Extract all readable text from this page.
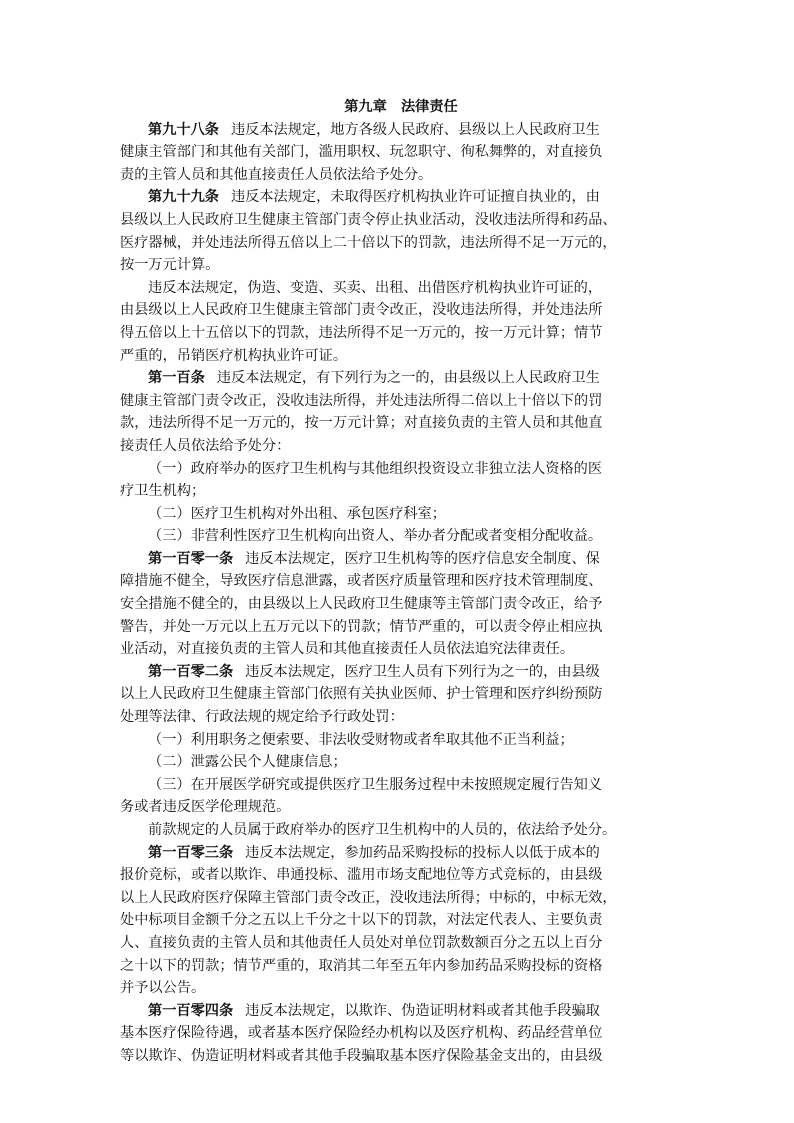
第九章　法律责任
第九十八条 违反本法规定，地方各级人民政府、县级以上人民政府卫生
健康主管部门和其他有关部门，滥用职权、玩忽职守、徇私舞弊的，对直接负
责的主管人员和其他直接责任人员依法给予处分。
第九十九条 违反本法规定，未取得医疗机构执业许可证擅自执业的，由
县级以上人民政府卫生健康主管部门责令停止执业活动，没收违法所得和药品、
医疗器械，并处违法所得五倍以上二十倍以下的罚款，违法所得不足一万元的，
按一万元计算。
违反本法规定，伪造、变造、买卖、出租、出借医疗机构执业许可证的，
由县级以上人民政府卫生健康主管部门责令改正，没收违法所得，并处违法所
得五倍以上十五倍以下的罚款，违法所得不足一万元的，按一万元计算；情节
严重的，吊销医疗机构执业许可证。
第一百条 违反本法规定，有下列行为之一的，由县级以上人民政府卫生
健康主管部门责令改正，没收违法所得，并处违法所得二倍以上十倍以下的罚
款，违法所得不足一万元的，按一万元计算；对直接负责的主管人员和其他直
接责任人员依法给予处分：
（一）政府举办的医疗卫生机构与其他组织投资设立非独立法人资格的医
疗卫生机构；
（二）医疗卫生机构对外出租、承包医疗科室；
（三）非营利性医疗卫生机构向出资人、举办者分配或者变相分配收益。
第一百零一条 违反本法规定，医疗卫生机构等的医疗信息安全制度、保
障措施不健全，导致医疗信息泄露，或者医疗质量管理和医疗技术管理制度、
安全措施不健全的，由县级以上人民政府卫生健康等主管部门责令改正，给予
警告，并处一万元以上五万元以下的罚款；情节严重的，可以责令停止相应执
业活动，对直接负责的主管人员和其他直接责任人员依法追究法律责任。
第一百零二条 违反本法规定，医疗卫生人员有下列行为之一的，由县级
以上人民政府卫生健康主管部门依照有关执业医师、护士管理和医疗纠纷预防
处理等法律、行政法规的规定给予行政处罚：
（一）利用职务之便索要、非法收受财物或者牟取其他不正当利益；
（二）泄露公民个人健康信息；
（三）在开展医学研究或提供医疗卫生服务过程中未按照规定履行告知义
务或者违反医学伦理规范。
前款规定的人员属于政府举办的医疗卫生机构中的人员的，依法给予处分。
第一百零三条 违反本法规定，参加药品采购投标的投标人以低于成本的
报价竞标，或者以欺诈、串通投标、滥用市场支配地位等方式竞标的，由县级
以上人民政府医疗保障主管部门责令改正，没收违法所得；中标的，中标无效，
处中标项目金额千分之五以上千分之十以下的罚款，对法定代表人、主要负责
人、直接负责的主管人员和其他责任人员处对单位罚款数额百分之五以上百分
之十以下的罚款；情节严重的，取消其二年至五年内参加药品采购投标的资格
并予以公告。
第一百零四条 违反本法规定，以欺诈、伪造证明材料或者其他手段骗取
基本医疗保险待遇，或者基本医疗保险经办机构以及医疗机构、药品经营单位
等以欺诈、伪造证明材料或者其他手段骗取基本医疗保险基金支出的，由县级
